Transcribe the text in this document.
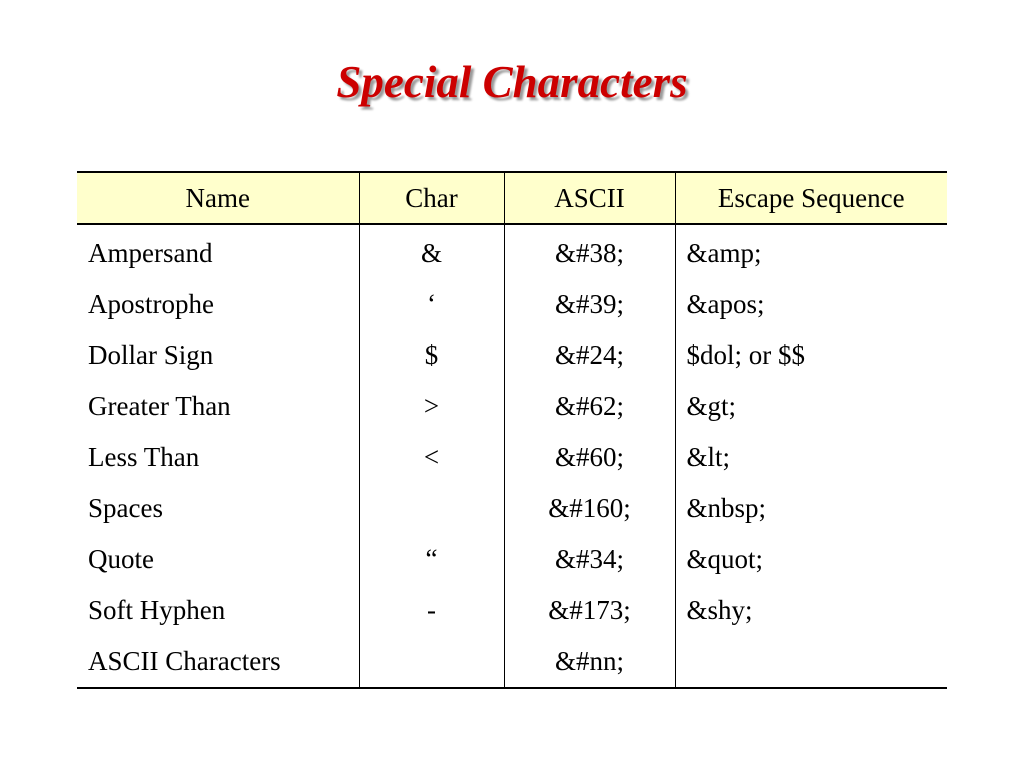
Special Characters
Name	Char	ASCII	Escape Sequence
Ampersand	&	&#38;	&amp;
Apostrophe	‘	&#39;	&apos;
Dollar Sign	$	&#24;	$dol; or $$
Greater Than	>	&#62;	&gt;
Less Than	<	&#60;	&lt;
Spaces		&#160;	&nbsp;
Quote	“	&#34;	&quot;
Soft Hyphen	-	&#173;	&shy;
ASCII Characters		&#nn;	
